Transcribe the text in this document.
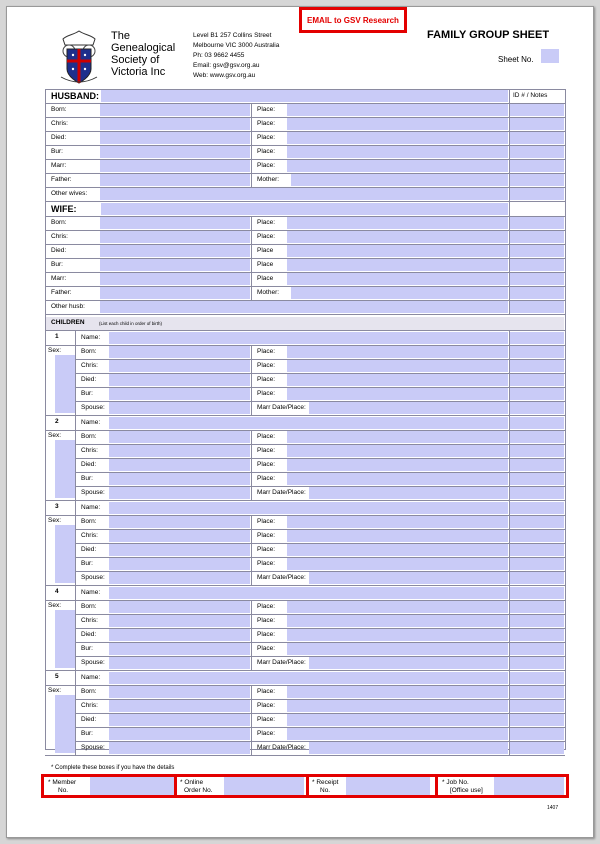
The
Genealogical
Society of
Victoria Inc
Level B1 257 Collins Street
Melbourne VIC 3000 Australia
Ph: 03 9662 4455
Email: gsv@gsv.org.au
Web: www.gsv.org.au
EMAIL to GSV Research
FAMILY GROUP SHEET
Sheet No.
HUSBAND:	ID # / Notes
Born:	Place:
Chris:	Place:
Died:	Place:
Bur:	Place:
Marr:	Place:
Father:	Mother:
Other wives:
WIFE:
Born:	Place:
Chris:	Place:
Died:	Place
Bur:	Place
Marr:	Place
Father:	Mother:
Other husb:
CHILDREN	(List each child in order of birth)
1
Sex:
Name:
Born:	Place:
Chris:	Place:
Died:	Place:
Bur:	Place:
Spouse:	Marr Date/Place:
2
Sex:
Name:
Born:	Place:
Chris:	Place:
Died:	Place:
Bur:	Place:
Spouse:	Marr Date/Place:
3
Sex:
Name:
Born:	Place:
Chris:	Place:
Died:	Place:
Bur:	Place:
Spouse:	Marr Date/Place:
4
Sex:
Name:
Born:	Place:
Chris:	Place:
Died:	Place:
Bur:	Place:
Spouse:	Marr Date/Place:
5
Sex:
Name:
Born:	Place:
Chris:	Place:
Died:	Place:
Bur:	Place:
Spouse:	Marr Date/Place:
* Complete these boxes if you have the details
* Member
No.
* Online
Order No.
* Receipt
No.
* Job No.
[Office use]
1407
